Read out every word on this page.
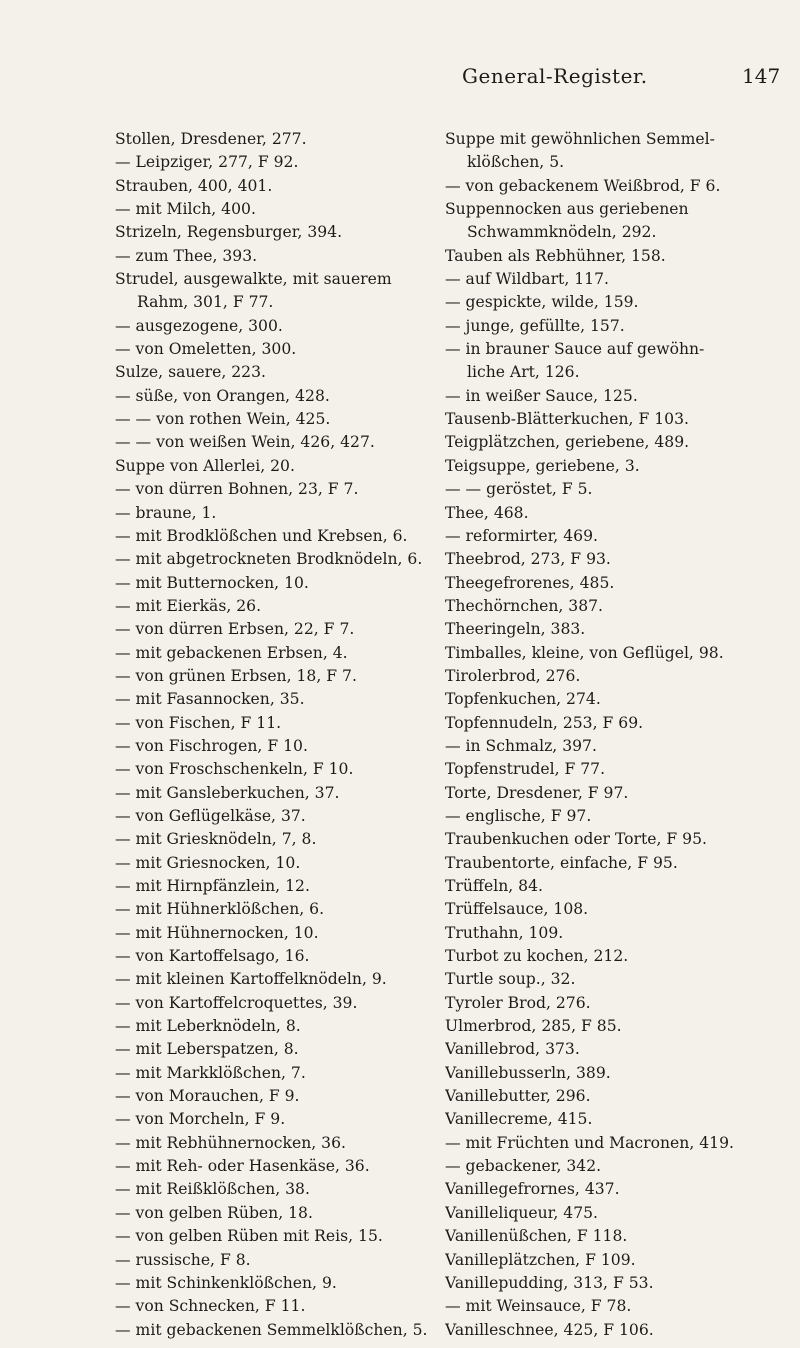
General-Register.	147
Stollen, Dresdener, 277.
— Leipziger, 277, F 92.
Strauben, 400, 401.
— mit Milch, 400.
Strizeln, Regensburger, 394.
— zum Thee, 393.
Strudel, ausgewalkte, mit sauerem
Rahm, 301, F 77.
— ausgezogene, 300.
— von Omeletten, 300.
Sulze, sauere, 223.
— süße, von Orangen, 428.
— — von rothen Wein, 425.
— — von weißen Wein, 426, 427.
Suppe von Allerlei, 20.
— von dürren Bohnen, 23, F 7.
— braune, 1.
— mit Brodklößchen und Krebsen, 6.
— mit abgetrockneten Brodknödeln, 6.
— mit Butternocken, 10.
— mit Eierkäs, 26.
— von dürren Erbsen, 22, F 7.
— mit gebackenen Erbsen, 4.
— von grünen Erbsen, 18, F 7.
— mit Fasannocken, 35.
— von Fischen, F 11.
— von Fischrogen, F 10.
— von Froschschenkeln, F 10.
— mit Gansleberkuchen, 37.
— von Geflügelkäse, 37.
— mit Griesknödeln, 7, 8.
— mit Griesnocken, 10.
— mit Hirnpfänzlein, 12.
— mit Hühnerklößchen, 6.
— mit Hühnernocken, 10.
— von Kartoffelsago, 16.
— mit kleinen Kartoffelknödeln, 9.
— von Kartoffelcroquettes, 39.
— mit Leberknödeln, 8.
— mit Leberspatzen, 8.
— mit Markklößchen, 7.
— von Morauchen, F 9.
— von Morcheln, F 9.
— mit Rebhühnernocken, 36.
— mit Reh- oder Hasenkäse, 36.
— mit Reißklößchen, 38.
— von gelben Rüben, 18.
— von gelben Rüben mit Reis, 15.
— russische, F 8.
— mit Schinkenklößchen, 9.
— von Schnecken, F 11.
— mit gebackenen Semmelklößchen, 5.
Suppe mit gewöhnlichen Semmel-
klößchen, 5.
— von gebackenem Weißbrod, F 6.
Suppennocken aus geriebenen
Schwammknödeln, 292.
Tauben als Rebhühner, 158.
— auf Wildbart, 117.
— gespickte, wilde, 159.
— junge, gefüllte, 157.
— in brauner Sauce auf gewöhn-
liche Art, 126.
— in weißer Sauce, 125.
Tausenb-Blätterkuchen, F 103.
Teigplätzchen, geriebene, 489.
Teigsuppe, geriebene, 3.
— — geröstet, F 5.
Thee, 468.
— reformirter, 469.
Theebrod, 273, F 93.
Theegefrorenes, 485.
Thechörnchen, 387.
Theeringeln, 383.
Timballes, kleine, von Geflügel, 98.
Tirolerbrod, 276.
Topfenkuchen, 274.
Topfennudeln, 253, F 69.
— in Schmalz, 397.
Topfenstrudel, F 77.
Torte, Dresdener, F 97.
— englische, F 97.
Traubenkuchen oder Torte, F 95.
Traubentorte, einfache, F 95.
Trüffeln, 84.
Trüffelsauce, 108.
Truthahn, 109.
Turbot zu kochen, 212.
Turtle soup., 32.
Tyroler Brod, 276.
Ulmerbrod, 285, F 85.
Vanillebrod, 373.
Vanillebusserln, 389.
Vanillebutter, 296.
Vanillecreme, 415.
— mit Früchten und Macronen, 419.
— gebackener, 342.
Vanillegefrornes, 437.
Vanilleliqueur, 475.
Vanillenüßchen, F 118.
Vanilleplätzchen, F 109.
Vanillepudding, 313, F 53.
— mit Weinsauce, F 78.
Vanilleschnee, 425, F 106.
